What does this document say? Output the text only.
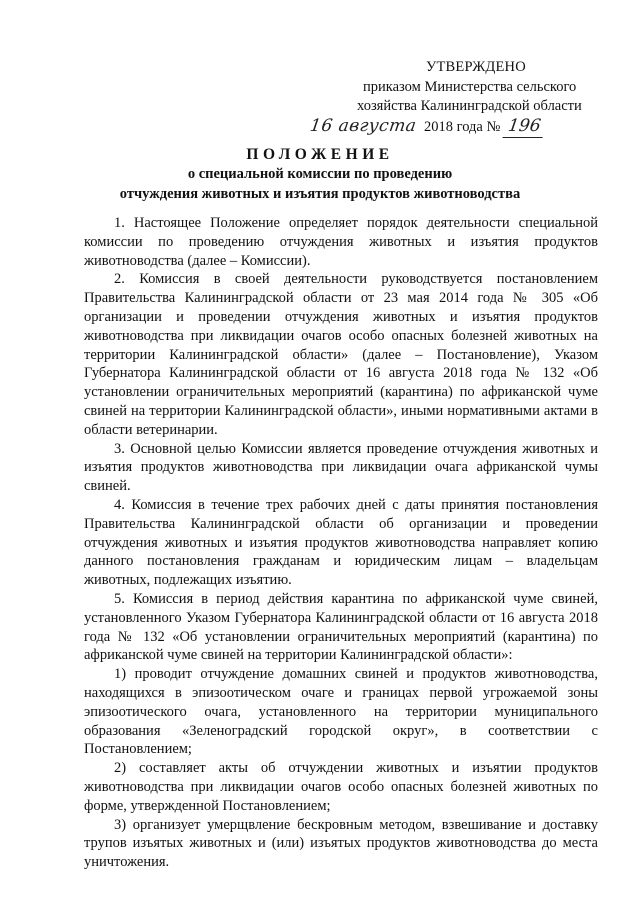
УТВЕРЖДЕНО
приказом Министерства сельского
хозяйства Калининградской области
16 августа 2018 года № 196
ПОЛОЖЕНИЕ
о специальной комиссии по проведению
отчуждения животных и изъятия продуктов животноводства

1. Настоящее Положение определяет порядок деятельности специальной комиссии по проведению отчуждения животных и изъятия продуктов животноводства (далее – Комиссии).

2. Комиссия в своей деятельности руководствуется постановлением Правительства Калининградской области от 23 мая 2014 года № 305 «Об организации и проведении отчуждения животных и изъятия продуктов животноводства при ликвидации очагов особо опасных болезней животных на территории Калининградской области» (далее – Постановление), Указом Губернатора Калининградской области от 16 августа 2018 года № 132 «Об установлении ограничительных мероприятий (карантина) по африканской чуме свиней на территории Калининградской области», иными нормативными актами в области ветеринарии.

3. Основной целью Комиссии является проведение отчуждения животных и изъятия продуктов животноводства при ликвидации очага африканской чумы свиней.

4. Комиссия в течение трех рабочих дней с даты принятия постановления Правительства Калининградской области об организации и проведении отчуждения животных и изъятия продуктов животноводства направляет копию данного постановления гражданам и юридическим лицам – владельцам животных, подлежащих изъятию.

5. Комиссия в период действия карантина по африканской чуме свиней, установленного Указом Губернатора Калининградской области от 16 августа 2018 года № 132 «Об установлении ограничительных мероприятий (карантина) по африканской чуме свиней на территории Калининградской области»:

1) проводит отчуждение домашних свиней и продуктов животноводства, находящихся в эпизоотическом очаге и границах первой угрожаемой зоны эпизоотического очага, установленного на территории муниципального образования «Зеленоградский городской округ», в соответствии с Постановлением;

2) составляет акты об отчуждении животных и изъятии продуктов животноводства при ликвидации очагов особо опасных болезней животных по форме, утвержденной Постановлением;

3) организует умерщвление бескровным методом, взвешивание и доставку трупов изъятых животных и (или) изъятых продуктов животноводства до места уничтожения.
